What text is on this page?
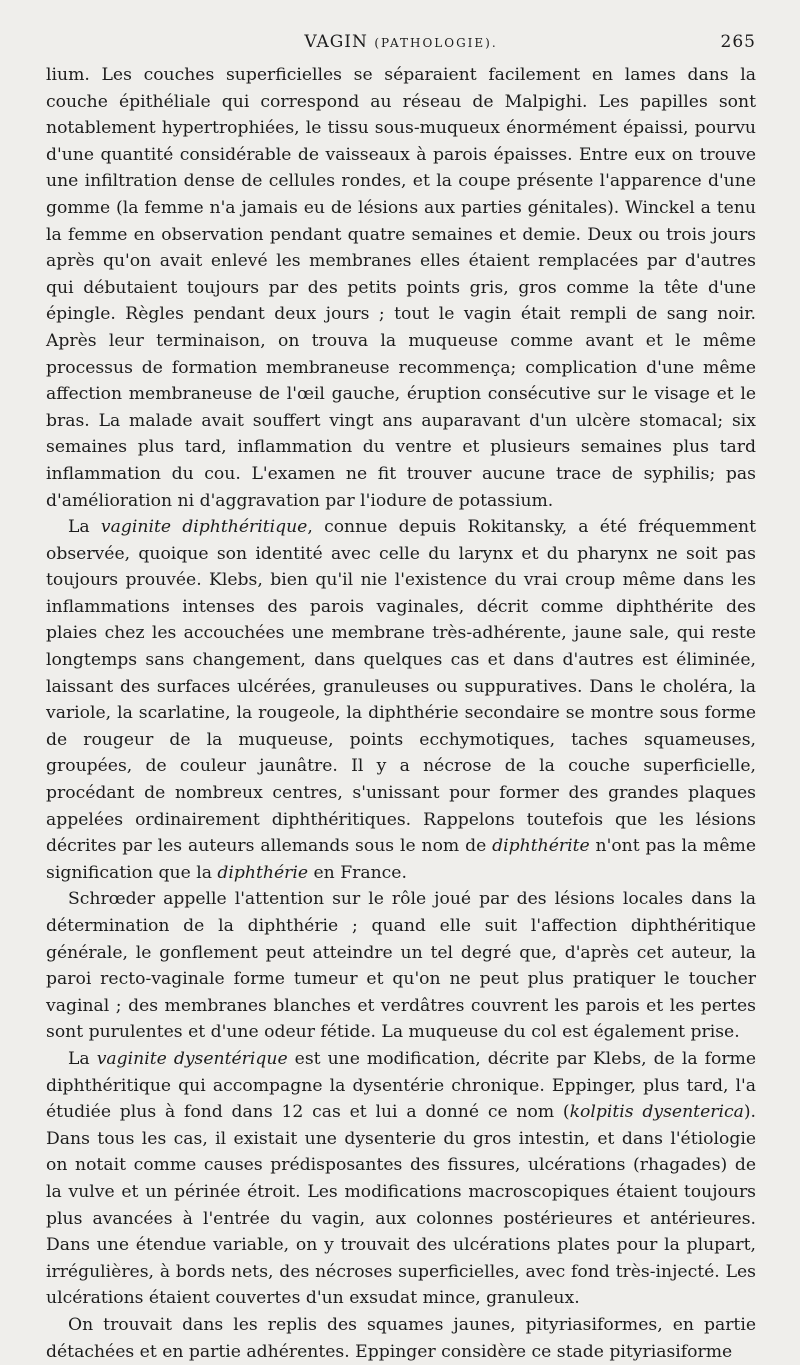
VAGIN (PATHOLOGIE).	265

lium. Les couches superficielles se séparaient facilement en lames dans la couche épithéliale qui correspond au réseau de Malpighi. Les papilles sont notablement hypertrophiées, le tissu sous-muqueux énormément épaissi, pourvu d'une quantité considérable de vaisseaux à parois épaisses. Entre eux on trouve une infiltration dense de cellules rondes, et la coupe présente l'apparence d'une gomme (la femme n'a jamais eu de lésions aux parties génitales). Winckel a tenu la femme en observation pendant quatre semaines et demie. Deux ou trois jours après qu'on avait enlevé les membranes elles étaient remplacées par d'autres qui débutaient toujours par des petits points gris, gros comme la tête d'une épingle. Règles pendant deux jours ; tout le vagin était rempli de sang noir. Après leur terminaison, on trouva la muqueuse comme avant et le même processus de formation membraneuse recommença; complication d'une même affection membraneuse de l'œil gauche, éruption consécutive sur le visage et le bras. La malade avait souffert vingt ans auparavant d'un ulcère stomacal; six semaines plus tard, inflammation du ventre et plusieurs semaines plus tard inflammation du cou. L'examen ne fit trouver aucune trace de syphilis; pas d'amélioration ni d'aggravation par l'iodure de potassium.

La vaginite diphthéritique, connue depuis Rokitansky, a été fréquemment observée, quoique son identité avec celle du larynx et du pharynx ne soit pas toujours prouvée. Klebs, bien qu'il nie l'existence du vrai croup même dans les inflammations intenses des parois vaginales, décrit comme diphthérite des plaies chez les accouchées une membrane très-adhérente, jaune sale, qui reste longtemps sans changement, dans quelques cas et dans d'autres est éliminée, laissant des surfaces ulcérées, granuleuses ou suppuratives. Dans le choléra, la variole, la scarlatine, la rougeole, la diphthérie secondaire se montre sous forme de rougeur de la muqueuse, points ecchymotiques, taches squameuses, groupées, de couleur jaunâtre. Il y a nécrose de la couche superficielle, procédant de nombreux centres, s'unissant pour former des grandes plaques appelées ordinairement diphthéritiques. Rappelons toutefois que les lésions décrites par les auteurs allemands sous le nom de diphthérite n'ont pas la même signification que la diphthérie en France.

Schrœder appelle l'attention sur le rôle joué par des lésions locales dans la détermination de la diphthérie ; quand elle suit l'affection diphthéritique générale, le gonflement peut atteindre un tel degré que, d'après cet auteur, la paroi recto-vaginale forme tumeur et qu'on ne peut plus pratiquer le toucher vaginal ; des membranes blanches et verdâtres couvrent les parois et les pertes sont purulentes et d'une odeur fétide. La muqueuse du col est également prise.

La vaginite dysentérique est une modification, décrite par Klebs, de la forme diphthéritique qui accompagne la dysentérie chronique. Eppinger, plus tard, l'a étudiée plus à fond dans 12 cas et lui a donné ce nom (kolpitis dysenterica). Dans tous les cas, il existait une dysenterie du gros intestin, et dans l'étiologie on notait comme causes prédisposantes des fissures, ulcérations (rhagades) de la vulve et un périnée étroit. Les modifications macroscopiques étaient toujours plus avancées à l'entrée du vagin, aux colonnes postérieures et antérieures. Dans une étendue variable, on y trouvait des ulcérations plates pour la plupart, irrégulières, à bords nets, des nécroses superficielles, avec fond très-injecté. Les ulcérations étaient couvertes d'un exsudat mince, granuleux.

On trouvait dans les replis des squames jaunes, pityriasiformes, en partie détachées et en partie adhérentes. Eppinger considère ce stade pityriasiforme
